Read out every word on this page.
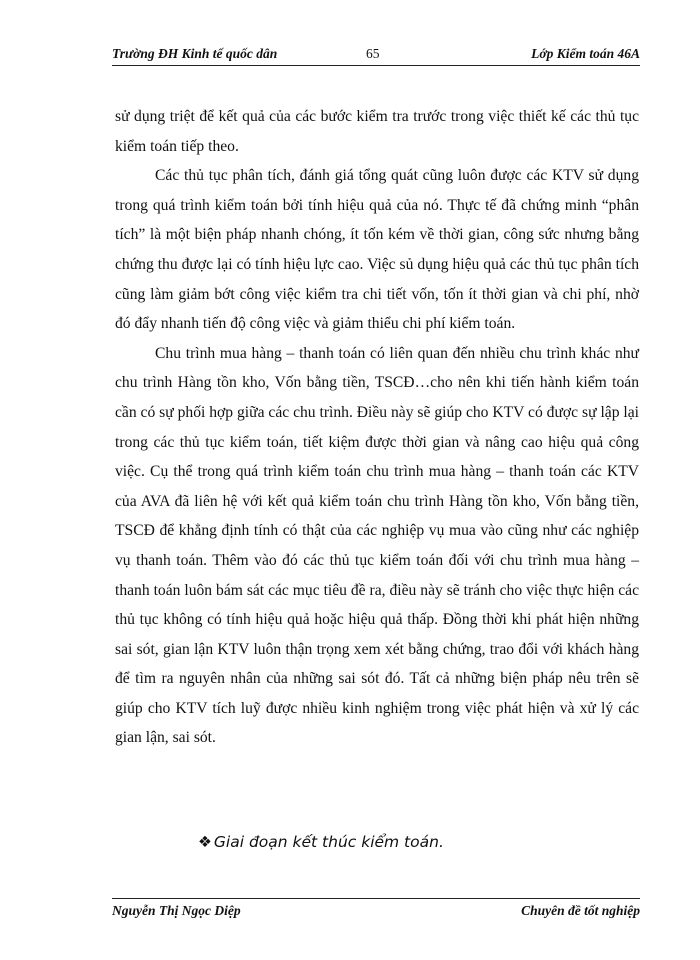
Trường ĐH Kinh tế quốc dân	65	Lớp Kiểm toán 46A

sử dụng triệt để kết quả của các bước kiểm tra trước trong việc thiết kế các thủ tục kiểm toán tiếp theo.

Các thủ tục phân tích, đánh giá tổng quát cũng luôn được các KTV sử dụng trong quá trình kiểm toán bởi tính hiệu quả của nó. Thực tế đã chứng minh “phân tích” là một biện pháp nhanh chóng, ít tốn kém về thời gian, công sức nhưng bằng chứng thu được lại có tính hiệu lực cao. Việc sủ dụng hiệu quả các thủ tục phân tích cũng làm giảm bớt công việc kiểm tra chi tiết vốn, tốn ít thời gian và chi phí, nhờ đó đẩy nhanh tiến độ công việc và giảm thiểu chi phí kiểm toán.

Chu trình mua hàng – thanh toán có liên quan đến nhiều chu trình khác như chu trình Hàng tồn kho, Vốn bằng tiền, TSCĐ…cho nên khi tiến hành kiểm toán cần có sự phối hợp giữa các chu trình. Điều này sẽ giúp cho KTV có được sự lập lại trong các thủ tục kiểm toán, tiết kiệm được thời gian và nâng cao hiệu quả công việc. Cụ thể trong quá trình kiểm toán chu trình mua hàng – thanh toán các KTV của AVA đã liên hệ với kết quả kiểm toán chu trình Hàng tồn kho, Vốn bằng tiền, TSCĐ để khẳng định tính có thật của các nghiệp vụ mua vào cũng như các nghiệp vụ thanh toán. Thêm vào đó các thủ tục kiểm toán đối với chu trình mua hàng – thanh toán luôn bám sát các mục tiêu đề ra, điều này sẽ tránh cho việc thực hiện các thủ tục không có tính hiệu quả hoặc hiệu quả thấp. Đồng thời khi phát hiện những sai sót, gian lận KTV luôn thận trọng xem xét bằng chứng, trao đổi với khách hàng để tìm ra nguyên nhân của những sai sót đó. Tất cả những biện pháp nêu trên sẽ giúp cho KTV tích luỹ được nhiều kinh nghiệm trong việc phát hiện và xử lý các gian lận, sai sót.

❖ Giai đoạn kết thúc kiểm toán.
Nguyễn Thị Ngọc Diệp	Chuyên đề tốt nghiệp
